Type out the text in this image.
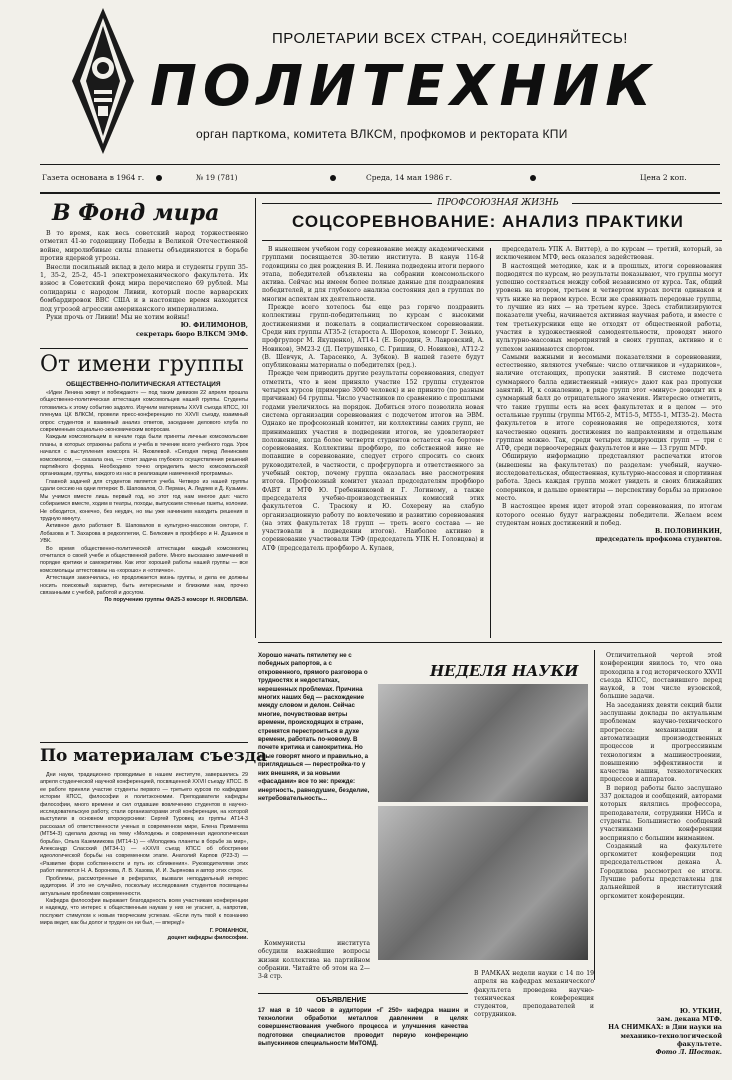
ПРОЛЕТАРИИ ВСЕХ СТРАН, СОЕДИНЯЙТЕСЬ!
ПОЛИТЕХНИК
орган парткома, комитета ВЛКСМ, профкомов и ректората КПИ
Газета основана в 1964 г.	№ 19 (781)	Среда, 14 мая 1986 г.	Цена 2 коп.
В Фонд мира
В то время, как весь советский народ торжественно отметил 41-ю годовщину Победы в Великой Отечественной войне, миролюбивые силы планеты объединяются в борьбе против ядерной угрозы.
Внесли посильный вклад в дело мира и студенты групп 35-1, 35-2, 25-2, 45-1 электромеханического факультета. Их взнос в Советский фонд мира перечислено 69 рублей. Мы солидарны с народом Ливии, который после варварских бомбардировок ВВС США и в настоящее время находится под угрозой агрессии американского империализма.
Руки прочь от Ливии! Мы не хотим войны!
Ю. ФИЛИМОНОВ,
секретарь бюро ВЛКСМ ЭМФ.
От имени группы
ОБЩЕСТВЕННО-ПОЛИТИЧЕСКАЯ АТТЕСТАЦИЯ
«Идеи Ленина живут и побеждают» — под таким девизом 22 апреля прошла общественно-политическая аттестация комсомольцев нашей группы. Студенты готовились к этому событию задолго. Изучили материалы XXVII съезда КПСС, XII пленума ЦК ВЛКСМ, провели пресс-конференцию по XXVII съезду, взаимный опрос студентов и взаимный анализ ответов, заседание делового клуба по современным социально-экономическим вопросам.
Каждым комсомольцем в начале года были приняты личные комсомольские планы, в которых отражены работа и учеба в течение всего учебного года. Урок начался с выступления комсорга Н. Яковлевой. «Сегодня перед Ленинским комсомолом, — сказала она, — стоит задача глубокого осуществления решений партийного форума. Необходимо точно определить место комсомольской организации, группы, каждого из нас в реализации намеченной программы».
Главной задачей для студентов является учеба. Четверо из нашей группы сдали сессию на одни пятерки: В. Шаповалов, О. Перман, А. Ледяев и Д. Кузьмин. Мы учимся вместе лишь первый год, но этот год нам многое дал: часто собираемся вместе, ходим в театры, походы, выпускаем стенные газеты, колонии. Не обходится, конечно, без неудач, но мы уже начинаем находить решения в трудную минуту.
Активное дело работают В. Шаповалов в культурно-массовом секторе, Г. Лобазова и Т. Захарова в редколлегии, С. Белкович в профбюро и Н. Душинок в УВК.
Во время общественно-политической аттестации каждый комсомолец отчитался о своей учебе и общественной работе. Много высказано замечаний в порядке критики и самокритики. Как итог хорошей работы нашей группы — все комсомольцы аттестованы на «хорошо» и «отлично».
Аттестация закончилась, но продолжается жизнь группы, и дела ее должны носить поисковый характер, быть интересными и близкими нам, прочно связанными с учебой, работой и досугом.
По поручению группы ФА25-3 комсорг Н. ЯКОВЛЕВА.
По материалам съезда
Дни науки, традиционно проводимые в нашем институте, завершились 29 апреля студенческой научной конференцией, посвященной XXVII съезду КПСС. В ее работе приняли участие студенты первого — третьего курсов по кафедрам истории КПСС, философии и политэкономии. Преподаватели кафедры философии, много времени и сил отдавшие вовлечению студентов в научно-исследовательскую работу, стали организаторами этой конференции, на которой выступили в основном второкурсники: Сергей Туровец из группы АТ14-3 рассказал об ответственности ученых в современном мире, Елена Примачева (МТ54-3) сделала доклад на тему «Молодежь и современная идеологическая борьба», Ольга Каземиикова (МТ14-1) — «Молодежь планеты в борьбе за мир», Александр Сласский (МТ34-1) — «XXVII съезд КПСС об обострении идеологической борьбы на современном этапе. Анатолий Карпов (Р23-3) — «Развитие форм собственности и путь их сближения». Руководителями этих работ являются Н. А. Боронова, Л. В. Хазова, И. И. Зырянова и автор этих строк.
Проблемы, рассмотренные в рефератах, вызвали неподдельный интерес аудитории. И это не случайно, поскольку исследования студентов посвящены актуальным проблемам современности.
Кафедра философии выражает благодарность всем участникам конференции и надежду, что интерес к общественным наукам у них не угаснет, а, напротив, послужит стимулом к новым творческим успехам. «Если путь твой к познанию мира ведет, как бы долог и труден он ни был, — вперед!»
Г. РОМАННОК,
доцент кафедры философии.
ПРОФСОЮЗНАЯ ЖИЗНЬ
СОЦСОРЕВНОВАНИЕ: АНАЛИЗ ПРАКТИКИ
В нынешнем учебном году соревнование между академическими группами посвящается 30-летию института. В канун 116-й годовщины со дня рождения В. И. Ленина подведены итоги первого этапа, победителей объявлены на собрании комсомольского актива. Сейчас мы имеем более полные данные для поздравления победителей, и для глубокого анализа состояния дел в группах по многим аспектам их деятельности.
Прежде всего хотелось бы еще раз горячо поздравить коллективы групп-победительниц по курсам с высокими достижениями и пожелать в социалистическом соревновании. Среди них группы АТ35-2 (староста А. Шорохов, комсорг Г. Зенько, профгрупорг М. Якущенко), АТ14-1 (Е. Бородин, Э. Лавровский, А. Новиков), ЭМ23-2 (Д. Петрушенко, С. Гришин, О. Новиков), АТ12-2 (В. Шевчук, А. Тарасенко, А. Зубков). В нашей газете будут опубликованы материалы о победителях (ред.).
Прежде чем приводить другие результаты соревнования, следует отметить, что в нем приняло участие 152 группы студентов четырех курсов (примерно 3000 человек) и не принято (по разным причинам) 64 группы. Число участников по сравнению с прошлыми годами увеличилось на порядок. Добиться этого позволила новая система организации соревнования с подсчетом итогов на ЭВМ. Однако не профсоюзный комитет, ни коллективы самих групп, не принимавших участия в подведении итогов, не удовлетворяет положение, когда более четверти студентов остается «за бортом» соревнования. Коллективы профбюро, по собственной вине не попавшие в соревнование, следует строго спросить со своих руководителей, в частности, с профгрупорга и ответственного за учебный сектор, почему группа оказалась вне рассмотрения итогов. Профсоюзный комитет указал председателям профбюро ФАВТ и МТФ Ю. Гребенниковой и Г. Логиному, а также председателя учебно-производственных комиссий этих факультетов С. Трасюку и Ю. Сохерену на слабую организационную работу по вовлечению и развитию соревнования (на этих факультетах 18 групп — треть всего состава — не участвовали в подведении итогов). Наиболее активно в соревнование участвовали ТЭФ (председатель УПК Н. Головцова) и АТФ (председатель профбюро А. Кулаев,
председатель УПК А. Виттер), а по курсам — третий, который, за исключением МТФ, весь оказался задействован.
В настоящей методике, как и в прошлых, итоги соревнования подводятся по курсам, но результаты показывают, что группы могут успешно состязаться между собой независимо от курса. Так, общий уровень на втором, третьем и четвертом курсах почти одинаков и чуть ниже на первом курсе. Если же сравнивать передовые группы, то лучшие из них — на третьем курсе. Здесь стабилизируются показатели учебы, начинается активная научная работа, и вместе с тем третьекурсники еще не отходят от общественной работы, участия в художественной самодеятельности, проводят много культурно-массовых мероприятий в своих группах, активно и с успехом занимаются спортом.
Самыми важными и весомыми показателями в соревновании, естественно, являются учебные: число отличников и «ударников», наличие отстающих, пропуски занятий. В системе подсчета суммарного балла единственный «минус» дают как раз пропуски занятий. И, к сожалению, в ряде групп этот «минус» доводит их в суммарный балл до отрицательного значения. Интересно отметить, что такие группы есть на всех факультетах и в целом — это остальные группы (группы МТ65-2, МТ15-5, МТ55-1, МТ35-2). Места факультетов в итоге соревнования не определяются, хотя качественно оценить достижения по направлениям и отдельным группам можно. Так, среди четырех лидирующих групп — три с АТФ, среди первоочередных факультетов и вне — 13 групп МТФ.
Обширную информацию представляют распечатки итогов (вывешены на факультетах) по разделам: учебный, научно-исследовательская, общественная, культурно-массовая и спортивная работа. Здесь каждая группа может увидеть и своих ближайших соперников, и дальше ориентиры — перспективу борьбы за призовое место.
В настоящее время идет второй этап соревнования, по итогам которого осенью будут награждены победители. Желаем всем студентам новых достижений и побед.
В. ПОЛОВИНКИН,
председатель профкома студентов.
Хорошо начать пятилетку не с победных рапортов, а с откровенного, прямого разговора о трудностях и недостатках, нерешенных проблемах. Причина многих наших бед — расхождение между словом и делом. Сейчас многие, почувствовав ветры времени, происходящих в стране, стремятся перестроиться в духе времени, работать по-новому. В почете критика и самокритика. Но иные говорят много и правильно, а приглядишься — перестройка-то у них внешняя, и за новыми «фасадами» все то же: прежде: инертность, равнодушие, безделие, нетребовательность...
Коммунисты института обсудили важнейшие вопросы жизни коллектива на партийном собрании. Читайте об этом на 2—3-й стр.
ОБЪЯВЛЕНИЕ
17 мая в 10 часов в аудитории «Г 250» кафедра машин и технологии обработки металлов давлением в целях совершенствования учебного процесса и улучшения качества подготовки специалистов проводит первую конференцию выпускников специальности МиТОМД.
НЕДЕЛЯ НАУКИ
Отличительной чертой этой конференции явилось то, что она проходила в год исторического XXVII съезда КПСС, поставившего перед наукой, в том числе вузовской, большие задачи.
На заседаниях девяти секций были заслушаны доклады по актуальным проблемам научно-технического прогресса: механизации и автоматизации производственных процессов и прогрессивным технологиям в машиностроении, повышению эффективности и качества машин, технологических процессов и аппаратов.
В период работы было заслушано 337 докладов и сообщений, авторами которых являлись профессора, преподаватели, сотрудники НИСа и студенты. Большинство сообщений участниками конференции восприняло с большим вниманием.
Созданный на факультете оргкомитет конференции под председательством декана А. Городилова рассмотрел ее итоги. Лучшие работы представлены для дальнейшей в институтский оргкомитет конференции.
В РАМКАХ недели науки с 14 по 19 апреля на кафедрах механического факультета проведена научно-техническая конференция студентов, преподавателей и сотрудников.	Ю. УТКИН,
зам. декана МТФ.
НА СНИМКАХ: в Дни науки на механико-технологической факультете.
Фото Л. Шостак.
